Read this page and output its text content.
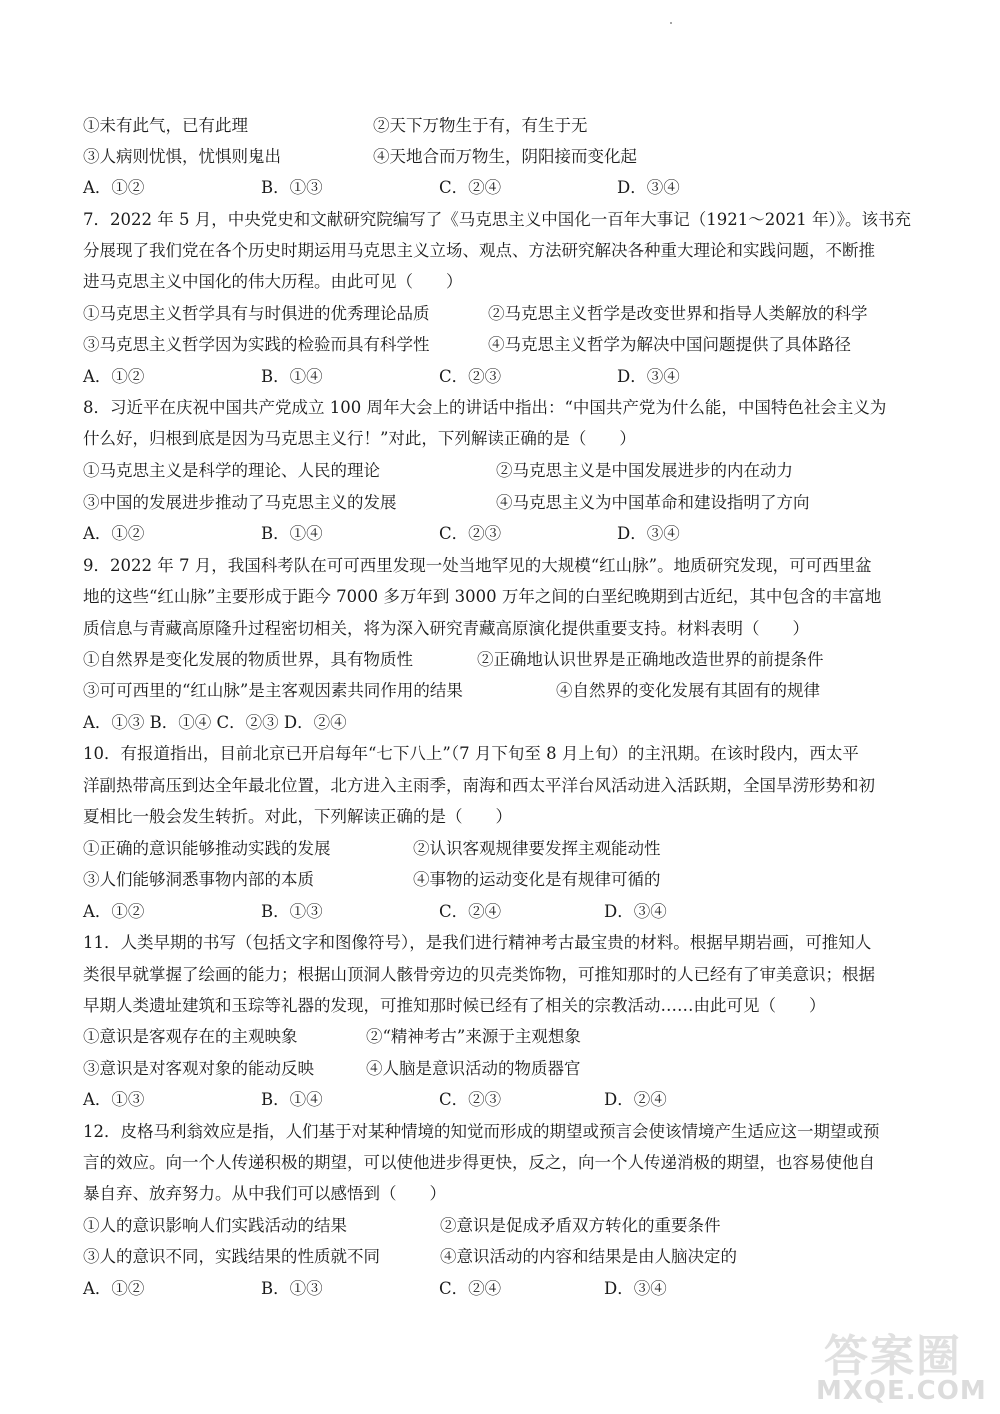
①未有此气，已有此理	②天下万物生于有，有生于无
③人病则忧惧，忧惧则鬼出	④天地合而万物生，阴阳接而变化起
A．①②	B．①③	C．②④	D．③④
7．2022 年 5 月，中央党史和文献研究院编写了《马克思主义中国化一百年大事记（1921～2021 年）》。该书充
分展现了我们党在各个历史时期运用马克思主义立场、观点、方法研究解决各种重大理论和实践问题，不断推
进马克思主义中国化的伟大历程。由此可见（　　）
①马克思主义哲学具有与时俱进的优秀理论品质	②马克思主义哲学是改变世界和指导人类解放的科学
③马克思主义哲学因为实践的检验而具有科学性	④马克思主义哲学为解决中国问题提供了具体路径
A．①②	B．①④	C．②③	D．③④
8．习近平在庆祝中国共产党成立 100 周年大会上的讲话中指出：“中国共产党为什么能，中国特色社会主义为
什么好，归根到底是因为马克思主义行！”对此，下列解读正确的是（　　）
①马克思主义是科学的理论、人民的理论	②马克思主义是中国发展进步的内在动力
③中国的发展进步推动了马克思主义的发展	④马克思主义为中国革命和建设指明了方向
A．①②	B．①④	C．②③	D．③④
9．2022 年 7 月，我国科考队在可可西里发现一处当地罕见的大规模“红山脉”。地质研究发现，可可西里盆
地的这些“红山脉”主要形成于距今 7000 多万年到 3000 万年之间的白垩纪晚期到古近纪，其中包含的丰富地
质信息与青藏高原隆升过程密切相关，将为深入研究青藏高原演化提供重要支持。材料表明（　　）
①自然界是变化发展的物质世界，具有物质性	②正确地认识世界是正确地改造世界的前提条件
③可可西里的“红山脉”是主客观因素共同作用的结果	④自然界的变化发展有其固有的规律
A．①③ B．①④ C．②③ D．②④
10．有报道指出，目前北京已开启每年“七下八上”（7 月下旬至 8 月上旬）的主汛期。在该时段内，西太平
洋副热带高压到达全年最北位置，北方进入主雨季，南海和西太平洋台风活动进入活跃期，全国旱涝形势和初
夏相比一般会发生转折。对此，下列解读正确的是（　　）
①正确的意识能够推动实践的发展	②认识客观规律要发挥主观能动性
③人们能够洞悉事物内部的本质	④事物的运动变化是有规律可循的
A．①②	B．①③	C．②④	D．③④
11．人类早期的书写（包括文字和图像符号），是我们进行精神考古最宝贵的材料。根据早期岩画，可推知人
类很早就掌握了绘画的能力；根据山顶洞人骸骨旁边的贝壳类饰物，可推知那时的人已经有了审美意识；根据
早期人类遗址建筑和玉琮等礼器的发现，可推知那时候已经有了相关的宗教活动……由此可见（　　）
①意识是客观存在的主观映象	②“精神考古”来源于主观想象
③意识是对客观对象的能动反映	④人脑是意识活动的物质器官
A．①③	B．①④	C．②③	D．②④
12．皮格马利翁效应是指，人们基于对某种情境的知觉而形成的期望或预言会使该情境产生适应这一期望或预
言的效应。向一个人传递积极的期望，可以使他进步得更快，反之，向一个人传递消极的期望，也容易使他自
暴自弃、放弃努力。从中我们可以感悟到（　　）
①人的意识影响人们实践活动的结果	②意识是促成矛盾双方转化的重要条件
③人的意识不同，实践结果的性质就不同	④意识活动的内容和结果是由人脑决定的
A．①②	B．①③	C．②④	D．③④
答案圈
MXQE.COM
